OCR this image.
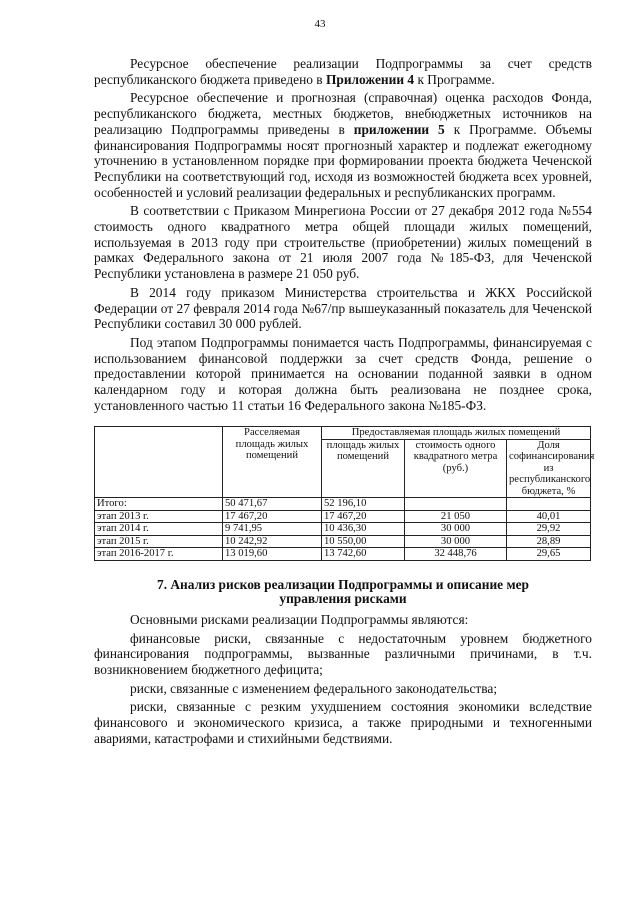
43

Ресурсное обеспечение реализации Подпрограммы за счет средств республиканского бюджета приведено в Приложении 4 к Программе.

Ресурсное обеспечение и прогнозная (справочная) оценка расходов Фонда, республиканского бюджета, местных бюджетов, внебюджетных источников на реализацию Подпрограммы приведены в приложении 5 к Программе. Объемы финансирования Подпрограммы носят прогнозный характер и подлежат ежегодному уточнению в установленном порядке при формировании проекта бюджета Чеченской Республики на соответствующий год, исходя из возможностей бюджета всех уровней, особенностей и условий реализации федеральных и республиканских программ.

В соответствии с Приказом Минрегиона России от 27 декабря 2012 года №554 стоимость одного квадратного метра общей площади жилых помещений, используемая в 2013 году при строительстве (приобретении) жилых помещений в рамках Федерального закона от 21 июля 2007 года №185-ФЗ, для Чеченской Республики установлена в размере 21 050 руб.

В 2014 году приказом Министерства строительства и ЖКХ Российской Федерации от 27 февраля 2014 года №67/пр вышеуказанный показатель для Чеченской Республики составил 30 000 рублей.

Под этапом Подпрограммы понимается часть Подпрограммы, финансируемая с использованием финансовой поддержки за счет средств Фонда, решение о предоставлении которой принимается на основании поданной заявки в одном календарном году и которая должна быть реализована не позднее срока, установленного частью 11 статьи 16 Федерального закона №185-ФЗ.

	Расселяемая площадь жилых помещений	Предоставляемая площадь жилых помещений		
		площадь жилых помещений	стоимость одного квадратного метра (руб.)	Доля софинансирования из республиканского бюджета, %
Итого:	50 471,67	52 196,10		
этап 2013 г.	17 467,20	17 467,20	21 050	40,01
этап 2014 г.	9 741,95	10 436,30	30 000	29,92
этап 2015 г.	10 242,92	10 550,00	30 000	28,89
этап 2016-2017 г.	13 019,60	13 742,60	32 448,76	29,65
7. Анализ рисков реализации Подпрограммы и описание мер
управления рисками

Основными рисками реализации Подпрограммы являются:

финансовые риски, связанные с недостаточным уровнем бюджетного финансирования подпрограммы, вызванные различными причинами, в т.ч. возникновением бюджетного дефицита;

риски, связанные с изменением федерального законодательства;

риски, связанные с резким ухудшением состояния экономики вследствие финансового и экономического кризиса, а также природными и техногенными авариями, катастрофами и стихийными бедствиями.
